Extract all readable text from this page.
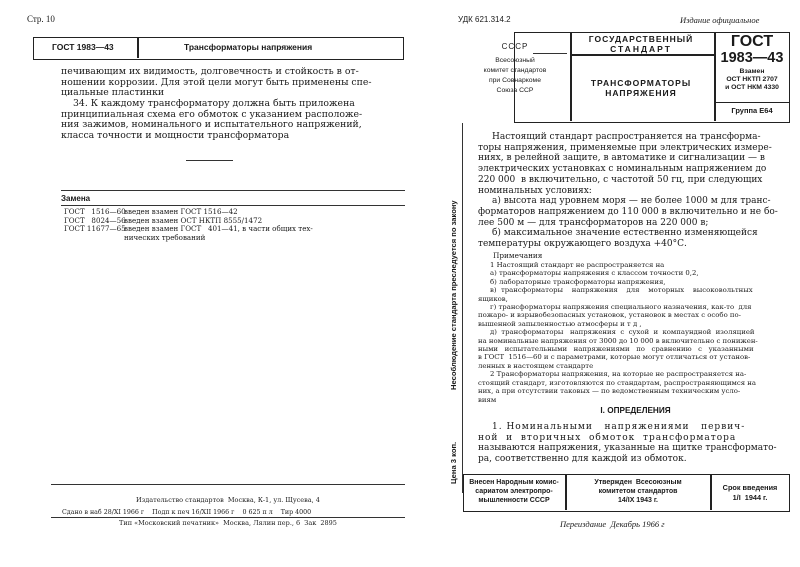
Стр. 10
ГОСТ 1983—43	Трансформаторы напряжения
печивающим их видимость, долговечность и стойкость в от-
ношении коррозии. Для этой цели могут быть применены спе-
циальные пластинки
34. К каждому трансформатору должна быть приложена
принципиальная схема его обмоток с указанием расположе-
ния зажимов, номинального и испытательного напряжений,
класса точности и мощности трансформатора
Замена
ГОСТ   1516—60введен взамен ГОСТ 1516—42
ГОСТ   8024—56введен взамен ОСТ НКТП 8555/1472
ГОСТ 11677—65введен взамен ГОСТ   401—41, в части общих тех-
нических требований
Издательство стандартов  Москва, К-1, ул. Щусева, 4
Сдано в наб 28/XI 1966 г    Подп к печ 16/XII 1966 г    0 625 п л    Тир 4000
Тип «Московский печатник»  Москва, Лялин пер., 6  Зак  2895
УДК 621.314.2	Издание официальное
СССР
Всесоюзный
комитет стандартов
при Совнаркоме
Союза ССР
ГОСУДАРСТВЕННЫЙ
СТАНДАРТ
ТРАНСФОРМАТОРЫ
НАПРЯЖЕНИЯ
ГОСТ
1983—43
Взамен
ОСТ НКТП 2707
и ОСТ НКМ 4330
Группа Е64
Несоблюдение стандарта преследуется по закону
Цена 3 коп.
Настоящий стандарт распространяется на трансформа-
торы напряжения, применяемые при электрических измере-
ниях, в релейной защите, в автоматике и сигнализации — в
электрических установках с номинальным напряжением до
220 000  в включительно, с частотой 50 гц, при следующих
номинальных условиях:
а) высота над уровнем моря — не более 1000 м для транс-
форматоров напряжением до 110 000 в включительно и не бо-
лее 500 м — для трансформаторов на 220 000 в;
б) максимальное значение естественно изменяющейся
температуры окружающего воздуха +40°С.
Примечания
1 Настоящий стандарт не распространяется на
а) трансформаторы напряжения с классом точности 0,2,
б) лабораторные трансформаторы напряжения,
в)  трансформаторы    напряжения    для    моторных    высоковольтных
ящиков,
г) трансформаторы напряжения специального назначения, как-то  для
пожаро- и взрывобезопасных установок, установок в местах с особо по-
вышенной запыленностью атмосферы и т д ,
д)  трансформаторы   напряжения  с  сухой  и  компаундной  изоляцией
на номинальные напряжения от 3000 до 10 000 в включительно с понижен-
ными   испытательными   напряжениями   по   сравнению   с   указанными
в ГОСТ  1516—60 и с параметрами, которые могут отличаться от установ-
ленных в настоящем стандарте
2 Трансформаторы напряжения, на которые не распространяется на-
стоящий стандарт, изготовляются по стандартам, распространяющимся на
них, а при отсутствии таковых — по ведомственным техническим усло-
виям
I. ОПРЕДЕЛЕНИЯ
1. Номинальными   напряжениями   первич-
ной  и  вторичных  обмоток  трансформатора
называются напряжения, указанные на щитке трансформато-
ра, соответственно для каждой из обмоток.
Внесен Народным комис-
сариатом электропро-
мышленности СССР
Утвержден  Всесоюзным
комитетом стандартов
14/IX 1943 г.
Срок введения
1/I  1944 г.
Переиздание  Декабрь 1966 г
